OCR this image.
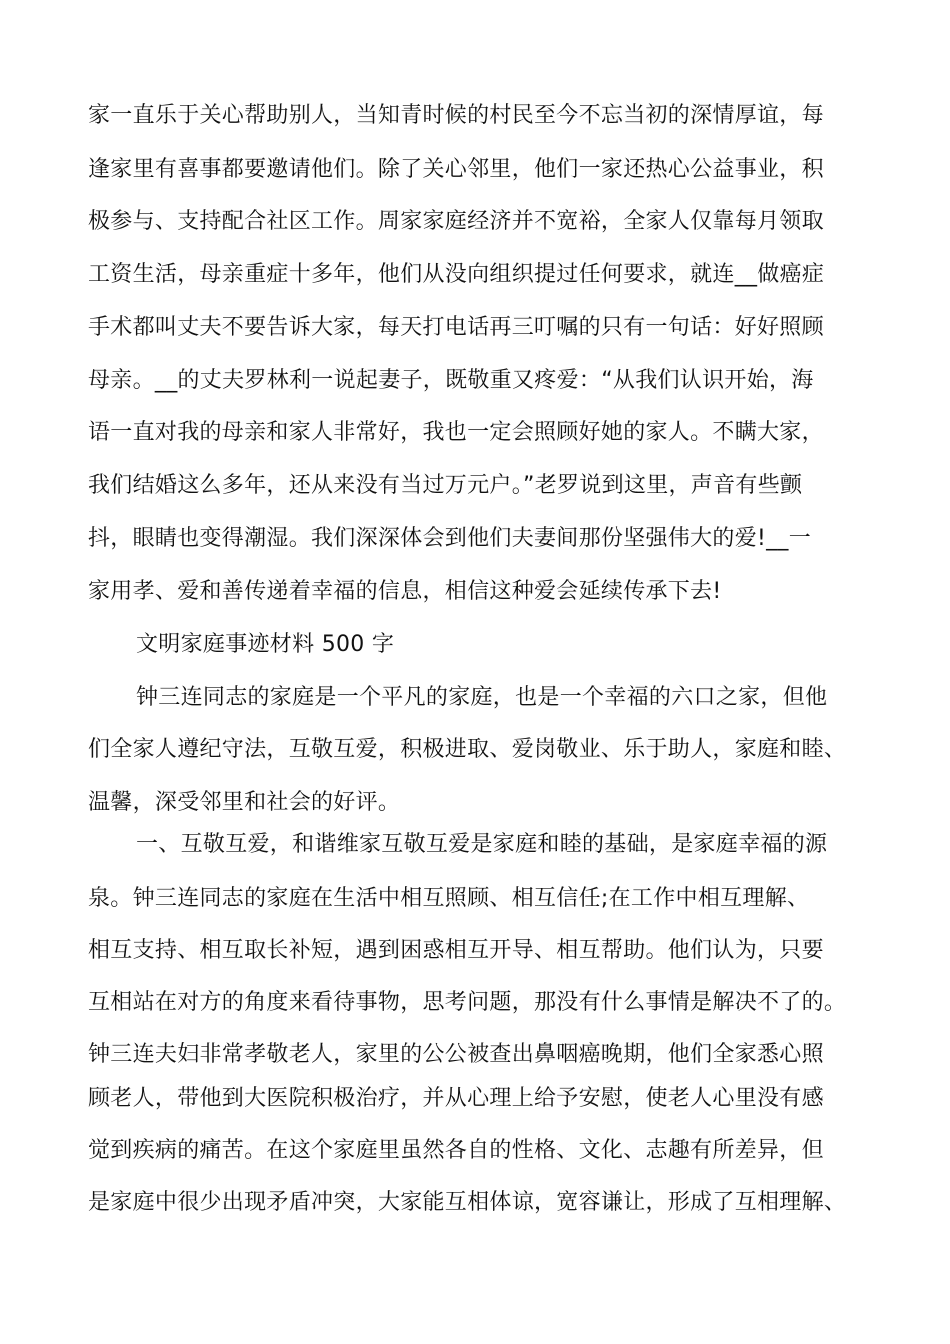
家一直乐于关心帮助别人，当知青时候的村民至今不忘当初的深情厚谊，每
逢家里有喜事都要邀请他们。除了关心邻里，他们一家还热心公益事业，积
极参与、支持配合社区工作。周家家庭经济并不宽裕，全家人仅靠每月领取
工资生活，母亲重症十多年，他们从没向组织提过任何要求，就连__做癌症
手术都叫丈夫不要告诉大家，每天打电话再三叮嘱的只有一句话：好好照顾
母亲。__的丈夫罗林利一说起妻子，既敬重又疼爱：“从我们认识开始，海
语一直对我的母亲和家人非常好，我也一定会照顾好她的家人。不瞒大家，
我们结婚这么多年，还从来没有当过万元户。”老罗说到这里，声音有些颤
抖，眼睛也变得潮湿。我们深深体会到他们夫妻间那份坚强伟大的爱!__一
家用孝、爱和善传递着幸福的信息，相信这种爱会延续传承下去!
文明家庭事迹材料 500 字
钟三连同志的家庭是一个平凡的家庭，也是一个幸福的六口之家，但他
们全家人遵纪守法，互敬互爱，积极进取、爱岗敬业、乐于助人，家庭和睦、
温馨，深受邻里和社会的好评。
一、互敬互爱，和谐维家互敬互爱是家庭和睦的基础，是家庭幸福的源
泉。钟三连同志的家庭在生活中相互照顾、相互信任;在工作中相互理解、
相互支持、相互取长补短，遇到困惑相互开导、相互帮助。他们认为，只要
互相站在对方的角度来看待事物，思考问题，那没有什么事情是解决不了的。
钟三连夫妇非常孝敬老人，家里的公公被查出鼻咽癌晚期，他们全家悉心照
顾老人，带他到大医院积极治疗，并从心理上给予安慰，使老人心里没有感
觉到疾病的痛苦。在这个家庭里虽然各自的性格、文化、志趣有所差异，但
是家庭中很少出现矛盾冲突，大家能互相体谅，宽容谦让，形成了互相理解、
